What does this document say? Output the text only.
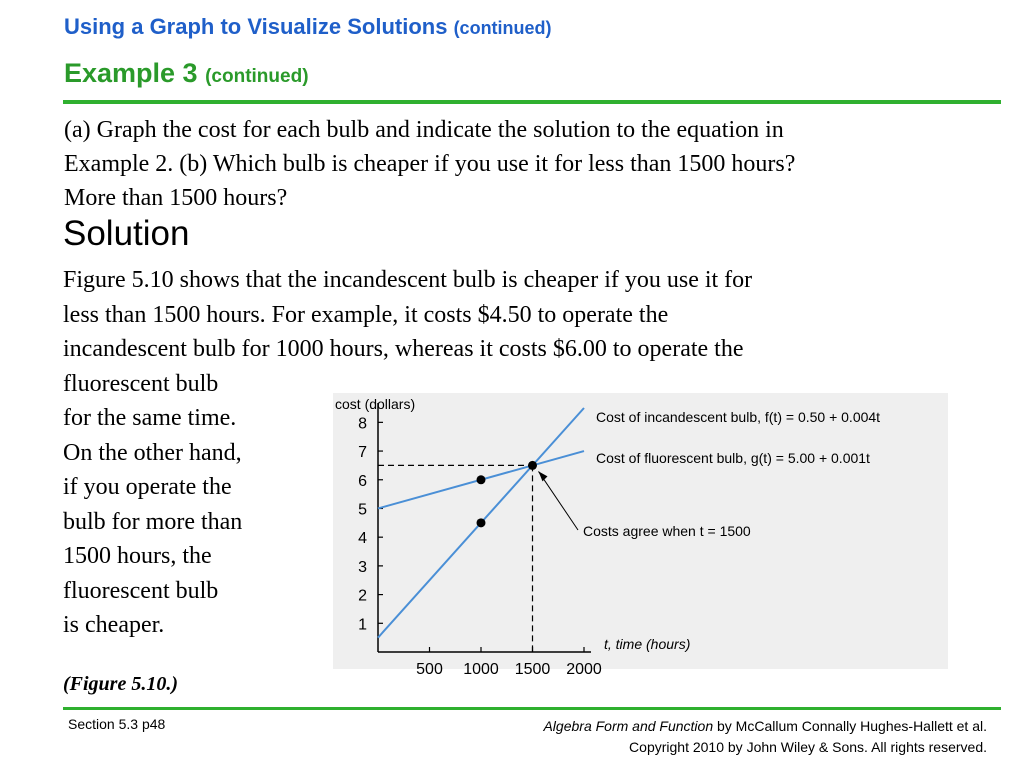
Using a Graph to Visualize Solutions (continued)
Example 3 (continued)
(a) Graph the cost for each bulb and indicate the solution to the equation in
Example 2. (b) Which bulb is cheaper if you use it for less than 1500 hours?
More than 1500 hours?
Solution
Figure 5.10 shows that the incandescent bulb is cheaper if you use it for
less than 1500 hours. For example, it costs $4.50 to operate the
incandescent bulb for 1000 hours, whereas it costs $6.00 to operate the
fluorescent bulb
for the same time.
On the other hand,
if you operate the
bulb for more than
1500 hours, the
fluorescent bulb
is cheaper.	1
2
3
4
5
6
7
8
500 1000 1500 2000
cost (dollars)
t, time (hours)
Cost of incandescent bulb, f(t) = 0.50 + 0.004t
Cost of fluorescent bulb, g(t) = 5.00 + 0.001t
Costs agree when t = 1500
(Figure 5.10.)
Section 5.3 p48	Algebra Form and Function by McCallum Connally Hughes-Hallett et al.
Copyright 2010 by John Wiley & Sons. All rights reserved.
